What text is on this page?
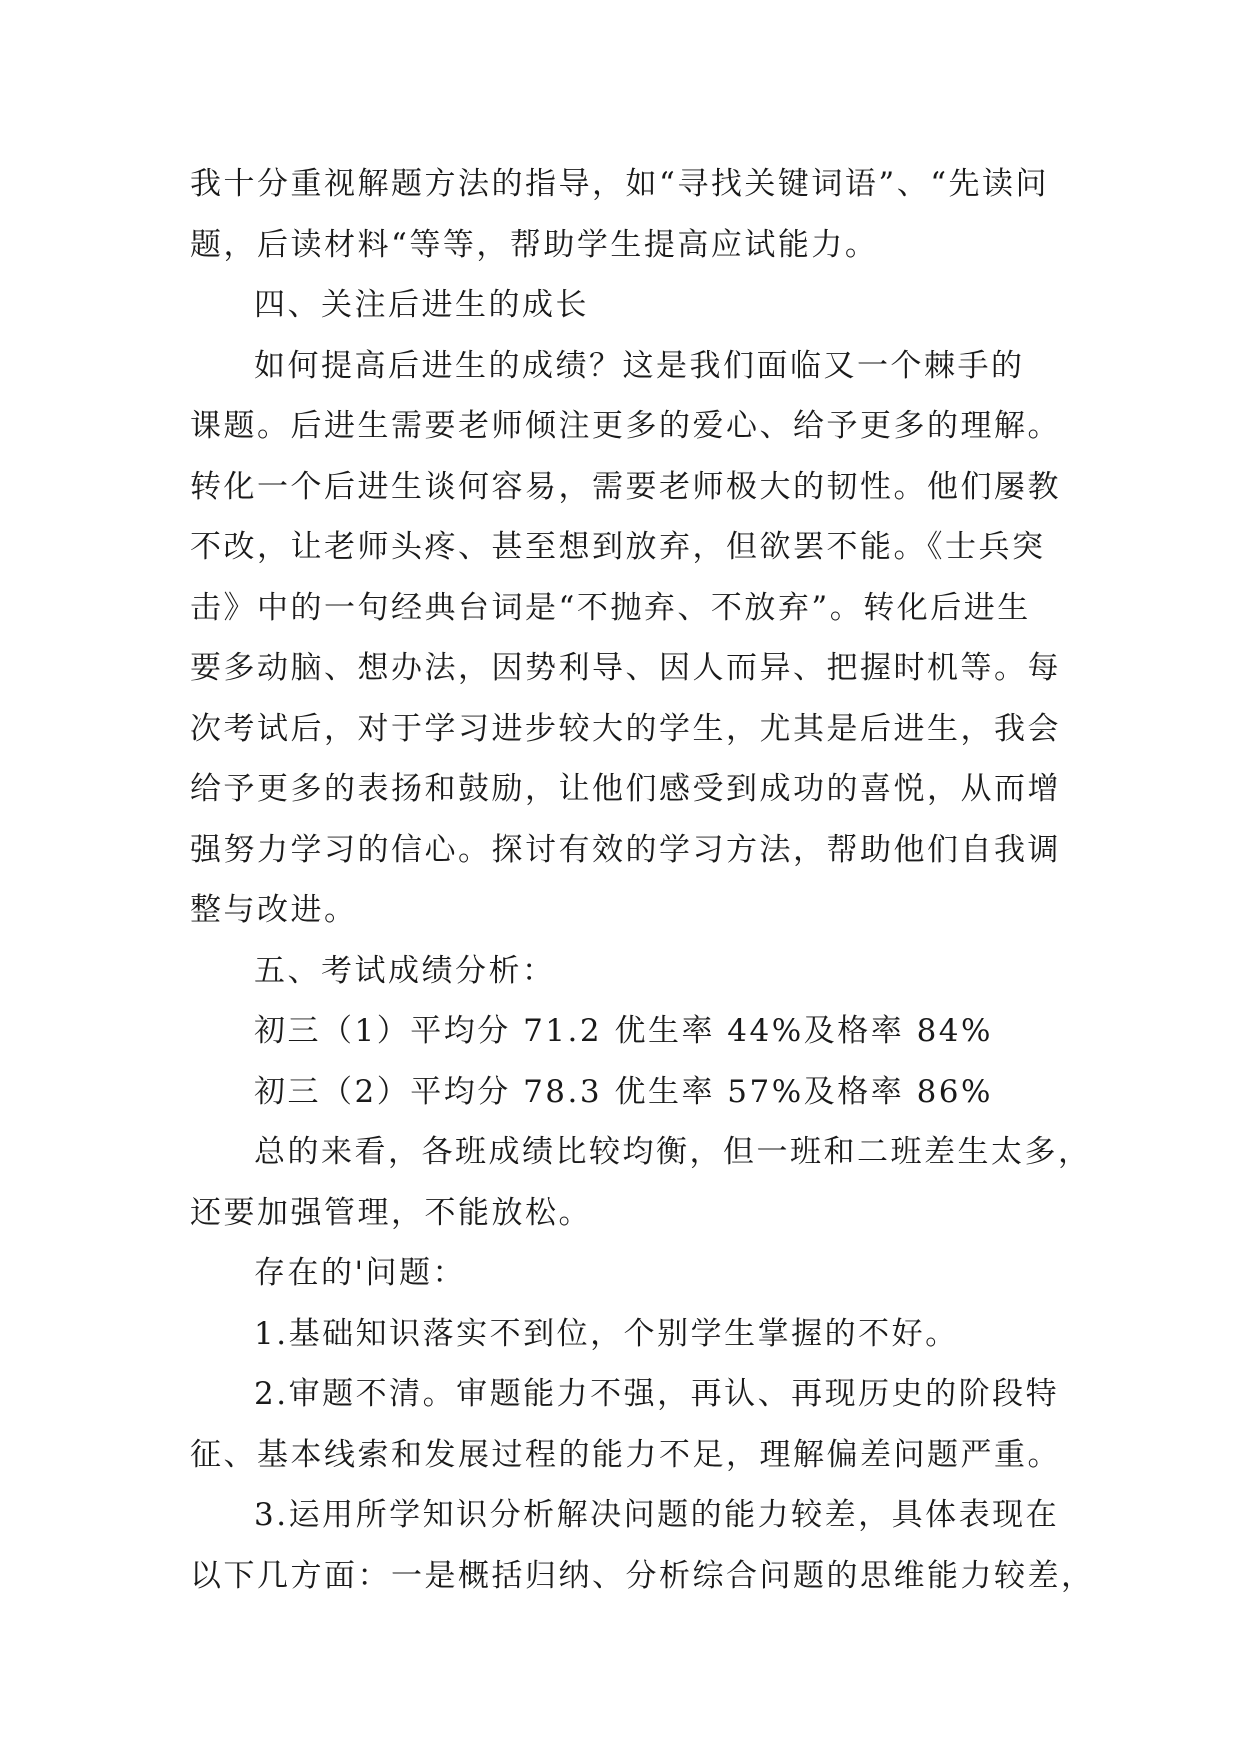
我十分重视解题方法的指导，如“寻找关键词语”、“先读问
题，后读材料“等等，帮助学生提高应试能力。
四、关注后进生的成长
如何提高后进生的成绩？这是我们面临又一个棘手的
课题。后进生需要老师倾注更多的爱心、给予更多的理解。
转化一个后进生谈何容易，需要老师极大的韧性。他们屡教
不改，让老师头疼、甚至想到放弃，但欲罢不能。《士兵突
击》中的一句经典台词是“不抛弃、不放弃”。转化后进生
要多动脑、想办法，因势利导、因人而异、把握时机等。每
次考试后，对于学习进步较大的学生，尤其是后进生，我会
给予更多的表扬和鼓励，让他们感受到成功的喜悦，从而增
强努力学习的信心。探讨有效的学习方法，帮助他们自我调
整与改进。
五、考试成绩分析：
初三（1）平均分 71.2 优生率 44%及格率 84%
初三（2）平均分 78.3 优生率 57%及格率 86%
总的来看，各班成绩比较均衡，但一班和二班差生太多，
还要加强管理，不能放松。
存在的'问题：
1.基础知识落实不到位，个别学生掌握的不好。
2.审题不清。审题能力不强，再认、再现历史的阶段特
征、基本线索和发展过程的能力不足，理解偏差问题严重。
3.运用所学知识分析解决问题的能力较差，具体表现在
以下几方面：一是概括归纳、分析综合问题的思维能力较差，
